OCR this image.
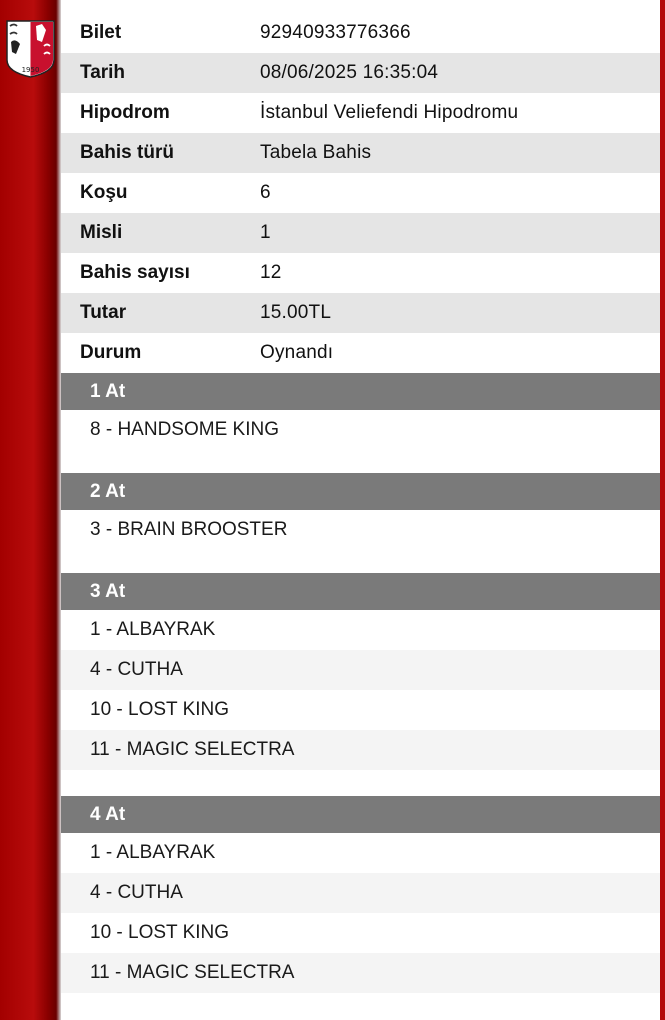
1950
Bilet	92940933776366
Tarih	08/06/2025 16:35:04
Hipodrom	İstanbul Veliefendi Hipodromu
Bahis türü	Tabela Bahis
Koşu	6
Misli	1
Bahis sayısı	12
Tutar	15.00TL
Durum	Oynandı
1 At
8 - HANDSOME KING
2 At
3 - BRAIN BROOSTER
3 At
1 - ALBAYRAK
4 - CUTHA
10 - LOST KING
11 - MAGIC SELECTRA
4 At
1 - ALBAYRAK
4 - CUTHA
10 - LOST KING
11 - MAGIC SELECTRA
